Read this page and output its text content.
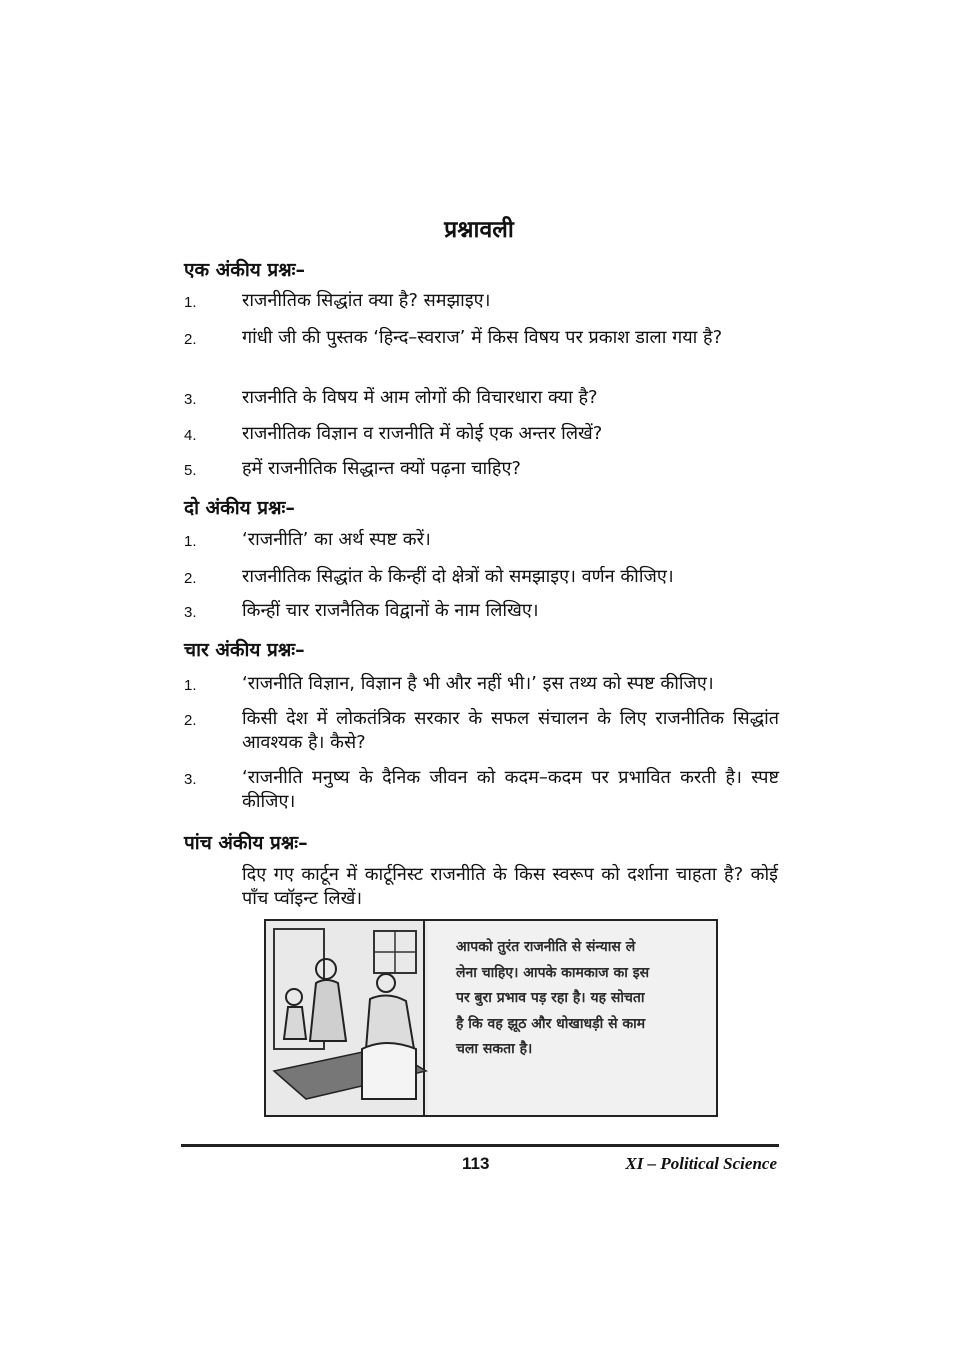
प्रश्नावली
एक अंकीय प्रश्नः–
1.	राजनीतिक सिद्धांत क्या है? समझाइए।
2.	गांधी जी की पुस्तक ‘हिन्द–स्वराज’ में किस विषय पर प्रकाश डाला गया है?
3.	राजनीति के विषय में आम लोगों की विचारधारा क्या है?
4.	राजनीतिक विज्ञान व राजनीति में कोई एक अन्तर लिखें?
5.	हमें राजनीतिक सिद्धान्त क्यों पढ़ना चाहिए?
दो अंकीय प्रश्नः–
1.	‘राजनीति’ का अर्थ स्पष्ट करें।
2.	राजनीतिक सिद्धांत के किन्हीं दो क्षेत्रों को समझाइए। वर्णन कीजिए।
3.	किन्हीं चार राजनैतिक विद्वानों के नाम लिखिए।
चार अंकीय प्रश्नः–
1.	‘राजनीति विज्ञान, विज्ञान है भी और नहीं भी।’ इस तथ्य को स्पष्ट कीजिए।
2.	किसी देश में लोकतंत्रिक सरकार के सफल संचालन के लिए राजनीतिक सिद्धांत आवश्यक है। कैसे?
3.	‘राजनीति मनुष्य के दैनिक जीवन को कदम–कदम पर प्रभावित करती है। स्पष्ट कीजिए।
पांच अंकीय प्रश्नः–
दिए गए कार्टून में कार्टूनिस्ट राजनीति के किस स्वरूप को दर्शाना चाहता है? कोई पाँच प्वॉइन्ट लिखें।
आपको तुरंत राजनीति से संन्यास ले
लेना चाहिए। आपके कामकाज का इस
पर बुरा प्रभाव पड़ रहा है। यह सोचता
है कि वह झूठ और धोखाधड़ी से काम
चला सकता है।
113	XI – Political Science
